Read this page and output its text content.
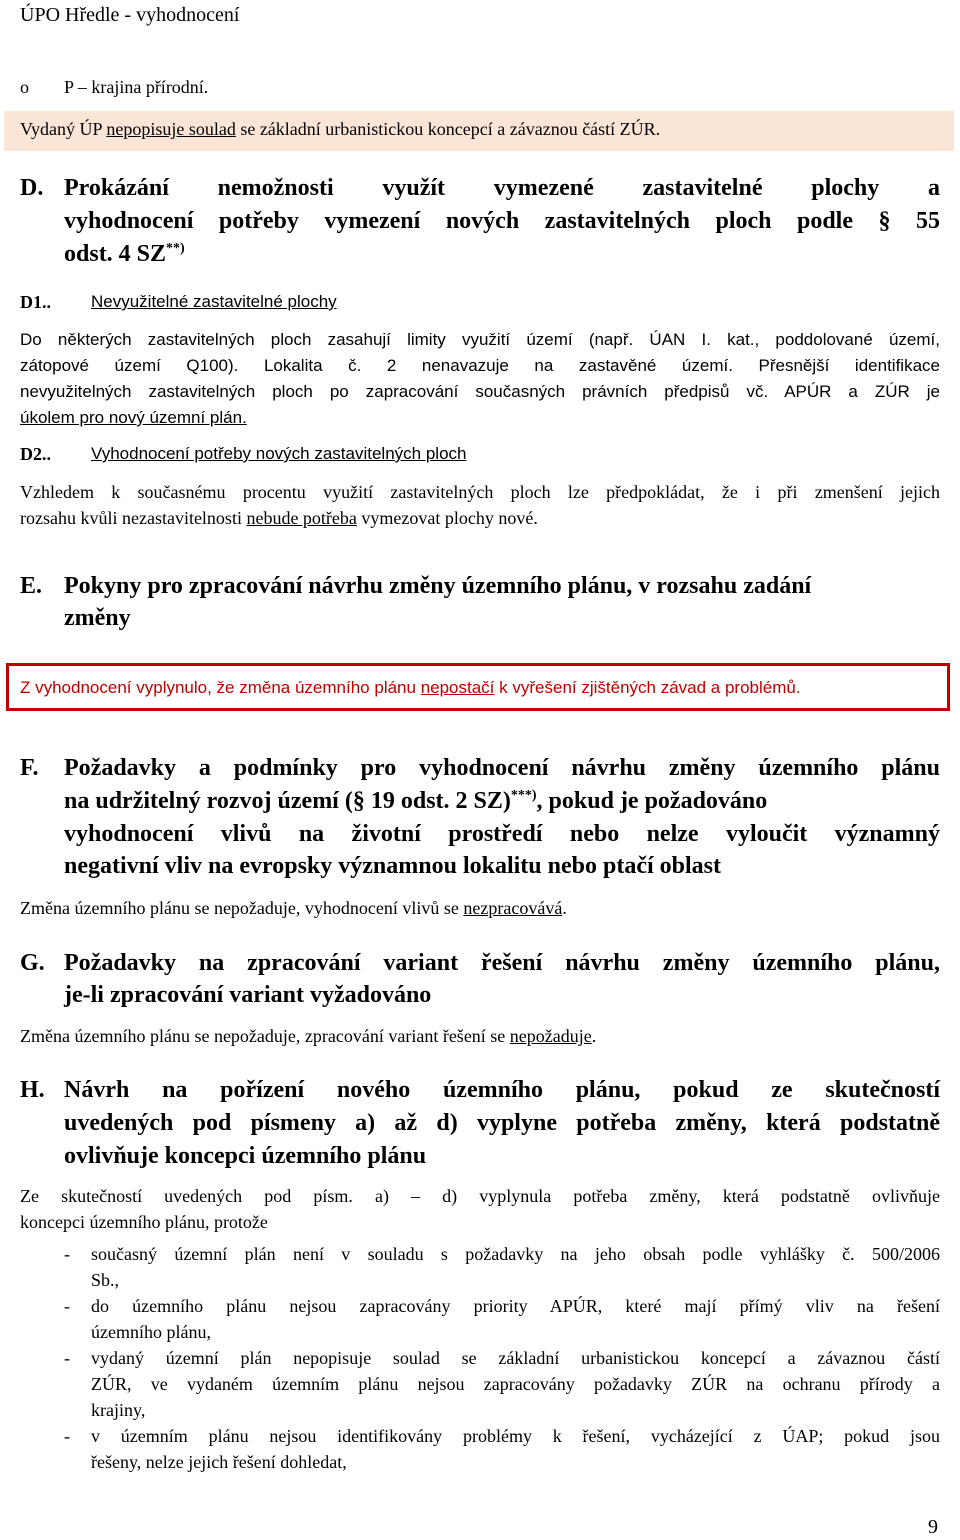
ÚPO Hředle - vyhodnocení
o P – krajina přírodní.
Vydaný ÚP nepopisuje soulad se základní urbanistickou koncepcí a závaznou částí ZÚR.
D. Prokázání nemožnosti využít vymezené zastavitelné plochy a
vyhodnocení potřeby vymezení nových zastavitelných ploch podle § 55
odst. 4 SZ**)
D1.. Nevyužitelné zastavitelné plochy
Do některých zastavitelných ploch zasahují limity využití území (např. ÚAN I. kat., poddolované území,
zátopové území Q100). Lokalita č. 2 nenavazuje na zastavěné území. Přesnější identifikace
nevyužitelných zastavitelných ploch po zapracování současných právních předpisů vč. APÚR a ZÚR je
úkolem pro nový územní plán.
D2.. Vyhodnocení potřeby nových zastavitelných ploch
Vzhledem k současnému procentu využití zastavitelných ploch lze předpokládat, že i při zmenšení jejich
rozsahu kvůli nezastavitelnosti nebude potřeba vymezovat plochy nové.
E. Pokyny pro zpracování návrhu změny územního plánu, v rozsahu zadání
změny
Z vyhodnocení vyplynulo, že změna územního plánu nepostačí k vyřešení zjištěných závad a problémů.
F. Požadavky a podmínky pro vyhodnocení návrhu změny územního plánu
na udržitelný rozvoj území (§ 19 odst. 2 SZ)***), pokud je požadováno
vyhodnocení vlivů na životní prostředí nebo nelze vyloučit významný
negativní vliv na evropsky významnou lokalitu nebo ptačí oblast
Změna územního plánu se nepožaduje, vyhodnocení vlivů se nezpracovává.
G. Požadavky na zpracování variant řešení návrhu změny územního plánu,
je-li zpracování variant vyžadováno
Změna územního plánu se nepožaduje, zpracování variant řešení se nepožaduje.
H. Návrh na pořízení nového územního plánu, pokud ze skutečností
uvedených pod písmeny a) až d) vyplyne potřeba změny, která podstatně
ovlivňuje koncepci územního plánu
Ze skutečností uvedených pod písm. a) – d) vyplynula potřeba změny, která podstatně ovlivňuje
koncepci územního plánu, protože
- současný územní plán není v souladu s požadavky na jeho obsah podle vyhlášky č. 500/2006
Sb.,
- do územního plánu nejsou zapracovány priority APÚR, které mají přímý vliv na řešení
územního plánu,
- vydaný územní plán nepopisuje soulad se základní urbanistickou koncepcí a závaznou částí
ZÚR, ve vydaném územním plánu nejsou zapracovány požadavky ZÚR na ochranu přírody a
krajiny,
- v územním plánu nejsou identifikovány problémy k řešení, vycházející z ÚAP; pokud jsou
řešeny, nelze jejich řešení dohledat,
9
